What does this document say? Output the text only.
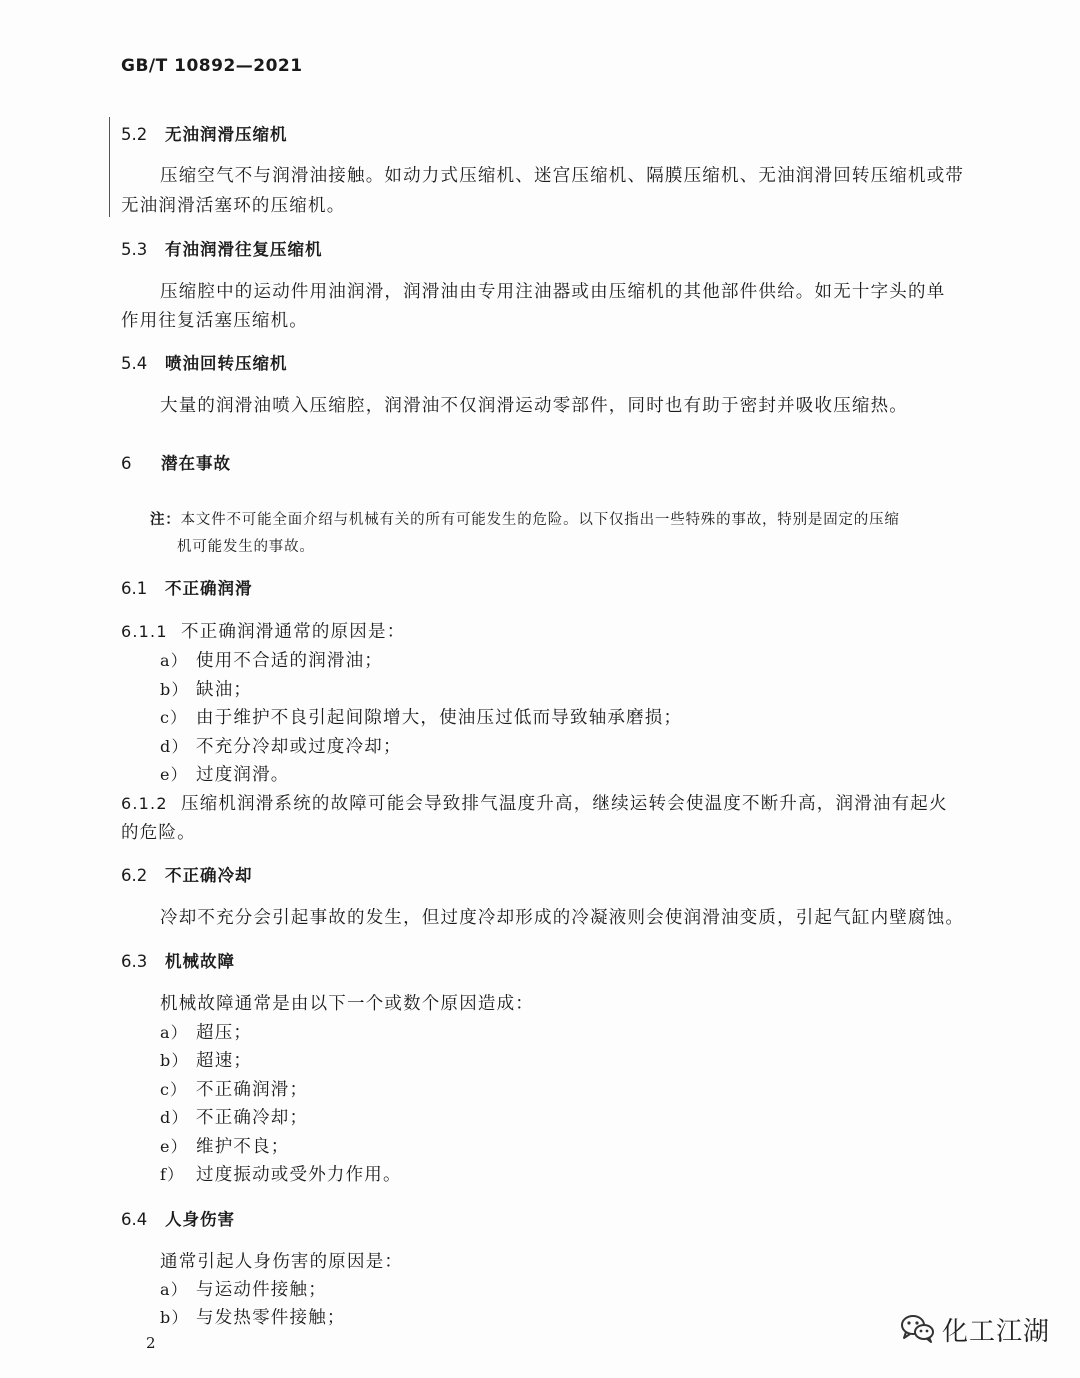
GB/T 10892—2021
5.2 无油润滑压缩机
压缩空气不与润滑油接触。如动力式压缩机、迷宫压缩机、隔膜压缩机、无油润滑回转压缩机或带
无油润滑活塞环的压缩机。
5.3 有油润滑往复压缩机
压缩腔中的运动件用油润滑，润滑油由专用注油器或由压缩机的其他部件供给。如无十字头的单
作用往复活塞压缩机。
5.4 喷油回转压缩机
大量的润滑油喷入压缩腔，润滑油不仅润滑运动零部件，同时也有助于密封并吸收压缩热。
6 潜在事故
注：本文件不可能全面介绍与机械有关的所有可能发生的危险。以下仅指出一些特殊的事故，特别是固定的压缩
机可能发生的事故。
6.1 不正确润滑
6.1.1 不正确润滑通常的原因是：
a） 使用不合适的润滑油；
b） 缺油；
c） 由于维护不良引起间隙增大，使油压过低而导致轴承磨损；
d） 不充分冷却或过度冷却；
e） 过度润滑。
6.1.2 压缩机润滑系统的故障可能会导致排气温度升高，继续运转会使温度不断升高，润滑油有起火
的危险。
6.2 不正确冷却
冷却不充分会引起事故的发生，但过度冷却形成的冷凝液则会使润滑油变质，引起气缸内壁腐蚀。
6.3 机械故障
机械故障通常是由以下一个或数个原因造成：
a） 超压；
b） 超速；
c） 不正确润滑；
d） 不正确冷却；
e） 维护不良；
f） 过度振动或受外力作用。
6.4 人身伤害
通常引起人身伤害的原因是：
a） 与运动件接触；
b） 与发热零件接触；
2	化工江湖
